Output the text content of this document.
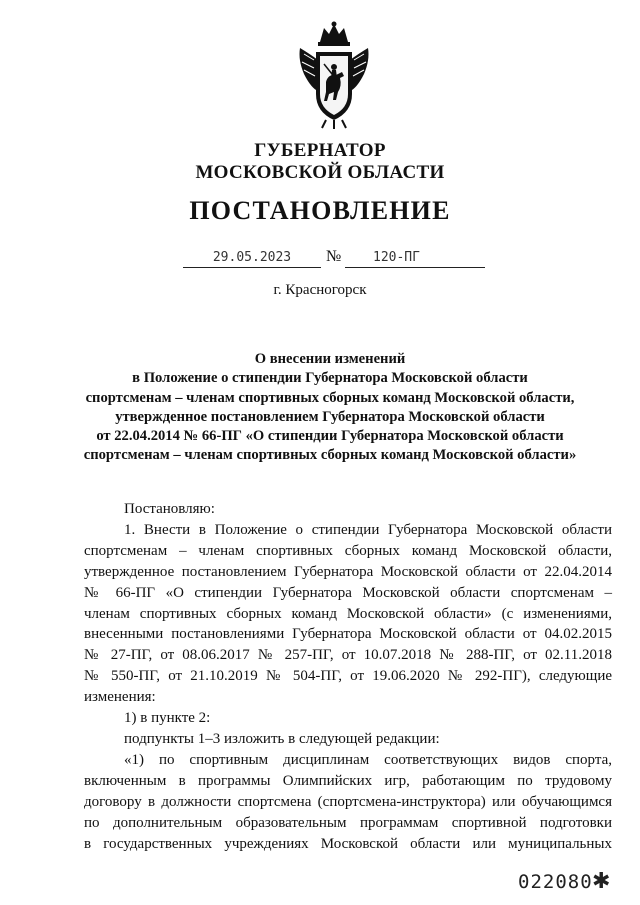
ГУБЕРНАТОР
МОСКОВСКОЙ ОБЛАСТИ
ПОСТАНОВЛЕНИЕ
29.05.2023	№	120-ПГ
г. Красногорск
О внесении изменений
в Положение о стипендии Губернатора Московской области
спортсменам – членам спортивных сборных команд Московской области,
утвержденное постановлением Губернатора Московской области
от 22.04.2014 № 66-ПГ «О стипендии Губернатора Московской области
спортсменам – членам спортивных сборных команд Московской области»

Постановляю:

1. Внести в Положение о стипендии Губернатора Московской области
спортсменам – членам спортивных сборных команд Московской области,
утвержденное постановлением Губернатора Московской области от 22.04.2014
№ 66-ПГ «О стипендии Губернатора Московской области спортсменам –
членам спортивных сборных команд Московской области» (с изменениями,
внесенными постановлениями Губернатора Московской области от 04.02.2015
№ 27-ПГ, от 08.06.2017 № 257-ПГ, от 10.07.2018 № 288-ПГ, от 02.11.2018
№ 550-ПГ, от 21.10.2019 № 504-ПГ, от 19.06.2020 № 292-ПГ), следующие
изменения:

1) в пункте 2:

подпункты 1–3 изложить в следующей редакции:

«1) по спортивным дисциплинам соответствующих видов спорта,
включенным в программы Олимпийских игр, работающим по трудовому
договору в должности спортсмена (спортсмена-инструктора) или обучающимся
по дополнительным образовательным программам спортивной подготовки
в государственных учреждениях Московской области или муниципальных
022080 ✱
